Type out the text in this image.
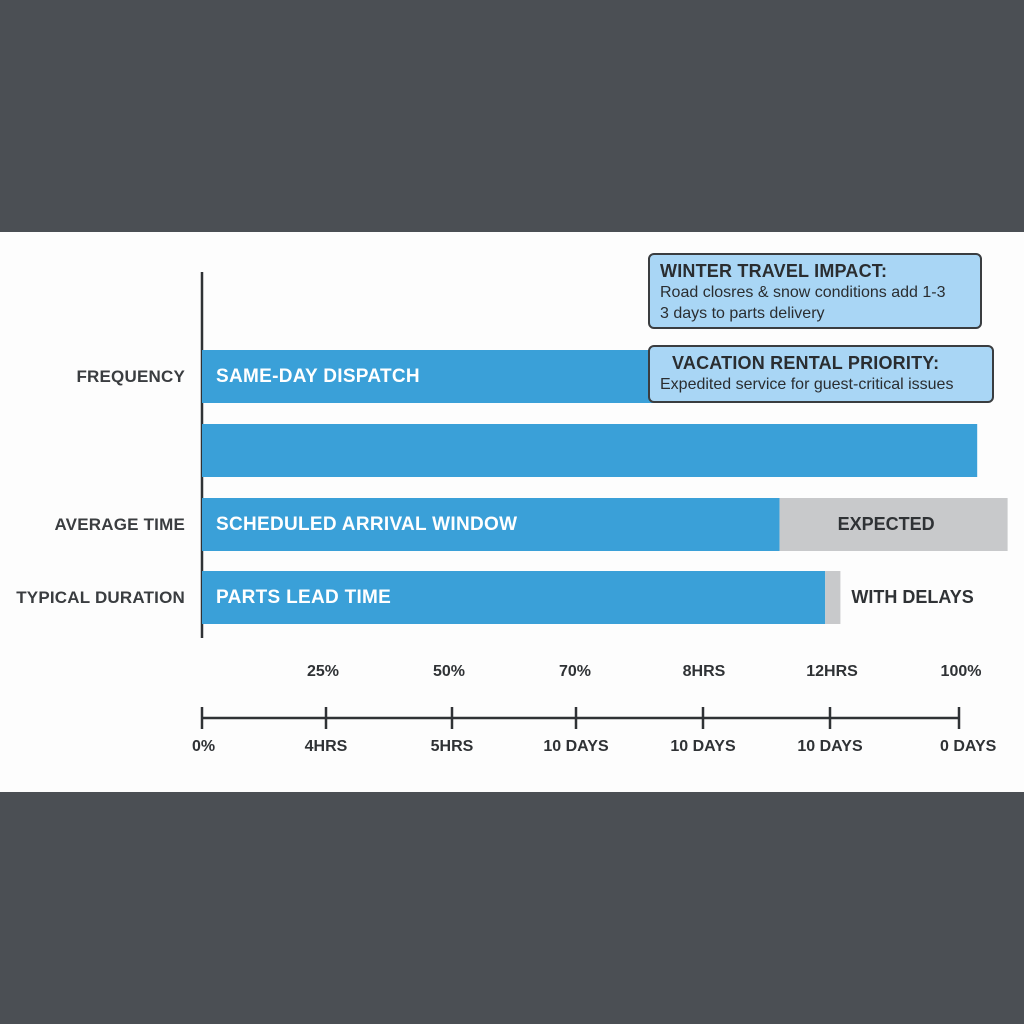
FREQUENCY SAME-DAY DISPATCH
AVERAGE TIME SCHEDULED ARRIVAL WINDOW	EXPECTED
TYPICAL DURATION PARTS LEAD TIME	WITH DELAYS
0%	4HRS	5HRS	10 DAYS	10 DAYS	10 DAYS	0 DAYS
25%	50%	70%	8HRS	12HRS	100%
WINTER TRAVEL IMPACT:
Road closres & snow conditions add 1-3
3 days to parts delivery
VACATION RENTAL PRIORITY:
Expedited service for guest-critical issues
